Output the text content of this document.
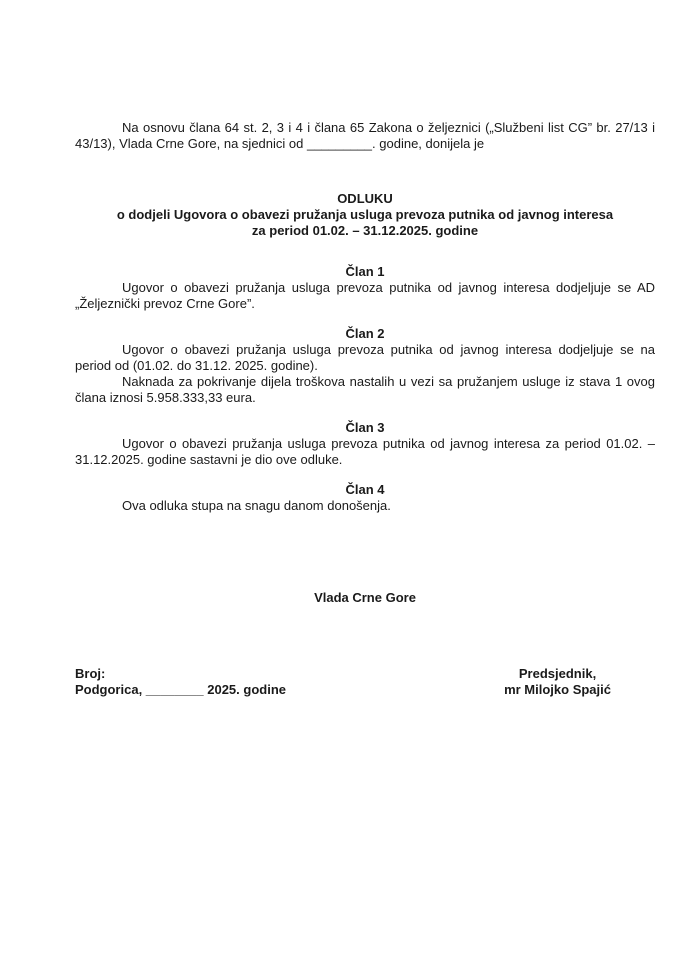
Na osnovu člana 64 st. 2, 3 i 4 i člana 65 Zakona o željeznici („Službeni list CG” br. 27/13 i 43/13), Vlada Crne Gore, na sjednici od _________. godine, donijela je

ODLUKU

o dodjeli Ugovora o obavezi pružanja usluga prevoza putnika od javnog interesa

za period 01.02. – 31.12.2025. godine

Član 1

Ugovor o obavezi pružanja usluga prevoza putnika od javnog interesa dodjeljuje se AD „Željeznički prevoz Crne Gore”.

Član 2

Ugovor o obavezi pružanja usluga prevoza putnika od javnog interesa dodjeljuje se na period od (01.02. do 31.12. 2025. godine).

Naknada za pokrivanje dijela troškova nastalih u vezi sa pružanjem usluge iz stava 1 ovog člana iznosi 5.958.333,33 eura.

Član 3

Ugovor o obavezi pružanja usluga prevoza putnika od javnog interesa za period 01.02. – 31.12.2025. godine sastavni je dio ove odluke.

Član 4

Ova odluka stupa na snagu danom donošenja.

Vlada Crne Gore

Broj:

Podgorica, ________ 2025. godine

Predsjednik,

mr Milojko Spajić
